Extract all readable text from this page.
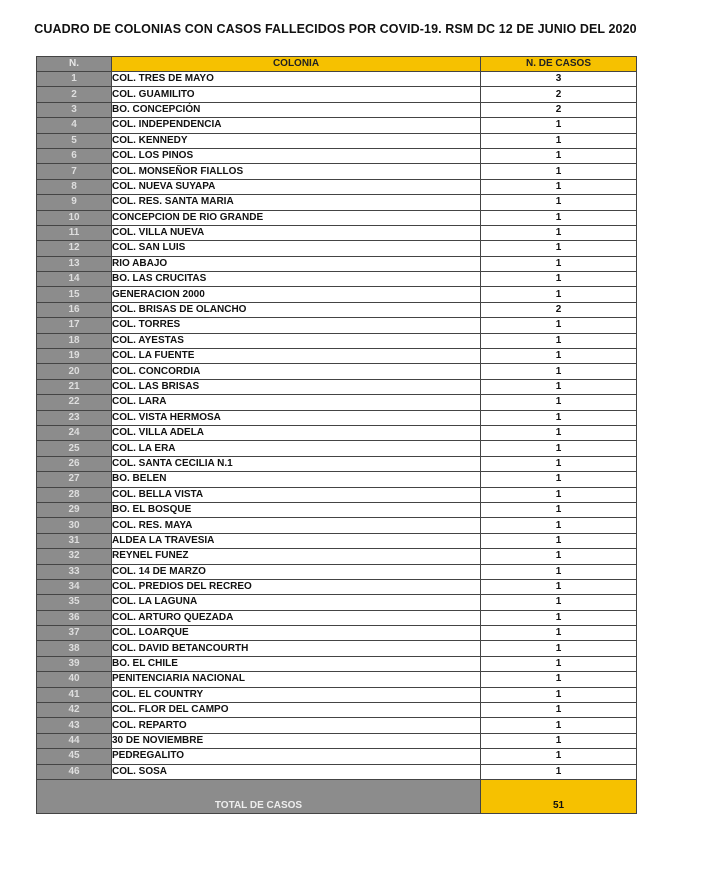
CUADRO DE COLONIAS CON CASOS FALLECIDOS POR COVID-19. RSM DC 12 DE JUNIO DEL 2020
N.	COLONIA	N. DE CASOS
1	COL. TRES DE MAYO	3
2	COL. GUAMILITO	2
3	BO. CONCEPCIÓN	2
4	COL. INDEPENDENCIA	1
5	COL. KENNEDY	1
6	COL. LOS PINOS	1
7	COL. MONSEÑOR FIALLOS	1
8	COL. NUEVA SUYAPA	1
9	COL. RES. SANTA MARIA	1
10	CONCEPCION DE RIO GRANDE	1
11	COL. VILLA NUEVA	1
12	COL. SAN LUIS	1
13	RIO ABAJO	1
14	BO. LAS CRUCITAS	1
15	GENERACION 2000	1
16	COL. BRISAS DE OLANCHO	2
17	COL. TORRES	1
18	COL. AYESTAS	1
19	COL. LA FUENTE	1
20	COL. CONCORDIA	1
21	COL. LAS BRISAS	1
22	COL. LARA	1
23	COL. VISTA HERMOSA	1
24	COL. VILLA ADELA	1
25	COL. LA ERA	1
26	COL. SANTA CECILIA N.1	1
27	BO. BELEN	1
28	COL. BELLA VISTA	1
29	BO. EL BOSQUE	1
30	COL. RES. MAYA	1
31	ALDEA LA TRAVESIA	1
32	REYNEL FUNEZ	1
33	COL. 14 DE MARZO	1
34	COL. PREDIOS DEL RECREO	1
35	COL. LA LAGUNA	1
36	COL. ARTURO QUEZADA	1
37	COL. LOARQUE	1
38	COL. DAVID BETANCOURTH	1
39	BO. EL CHILE	1
40	PENITENCIARIA NACIONAL	1
41	COL. EL COUNTRY	1
42	COL. FLOR DEL CAMPO	1
43	COL. REPARTO	1
44	30 DE NOVIEMBRE	1
45	PEDREGALITO	1
46	COL. SOSA	1
TOTAL DE CASOS		51
